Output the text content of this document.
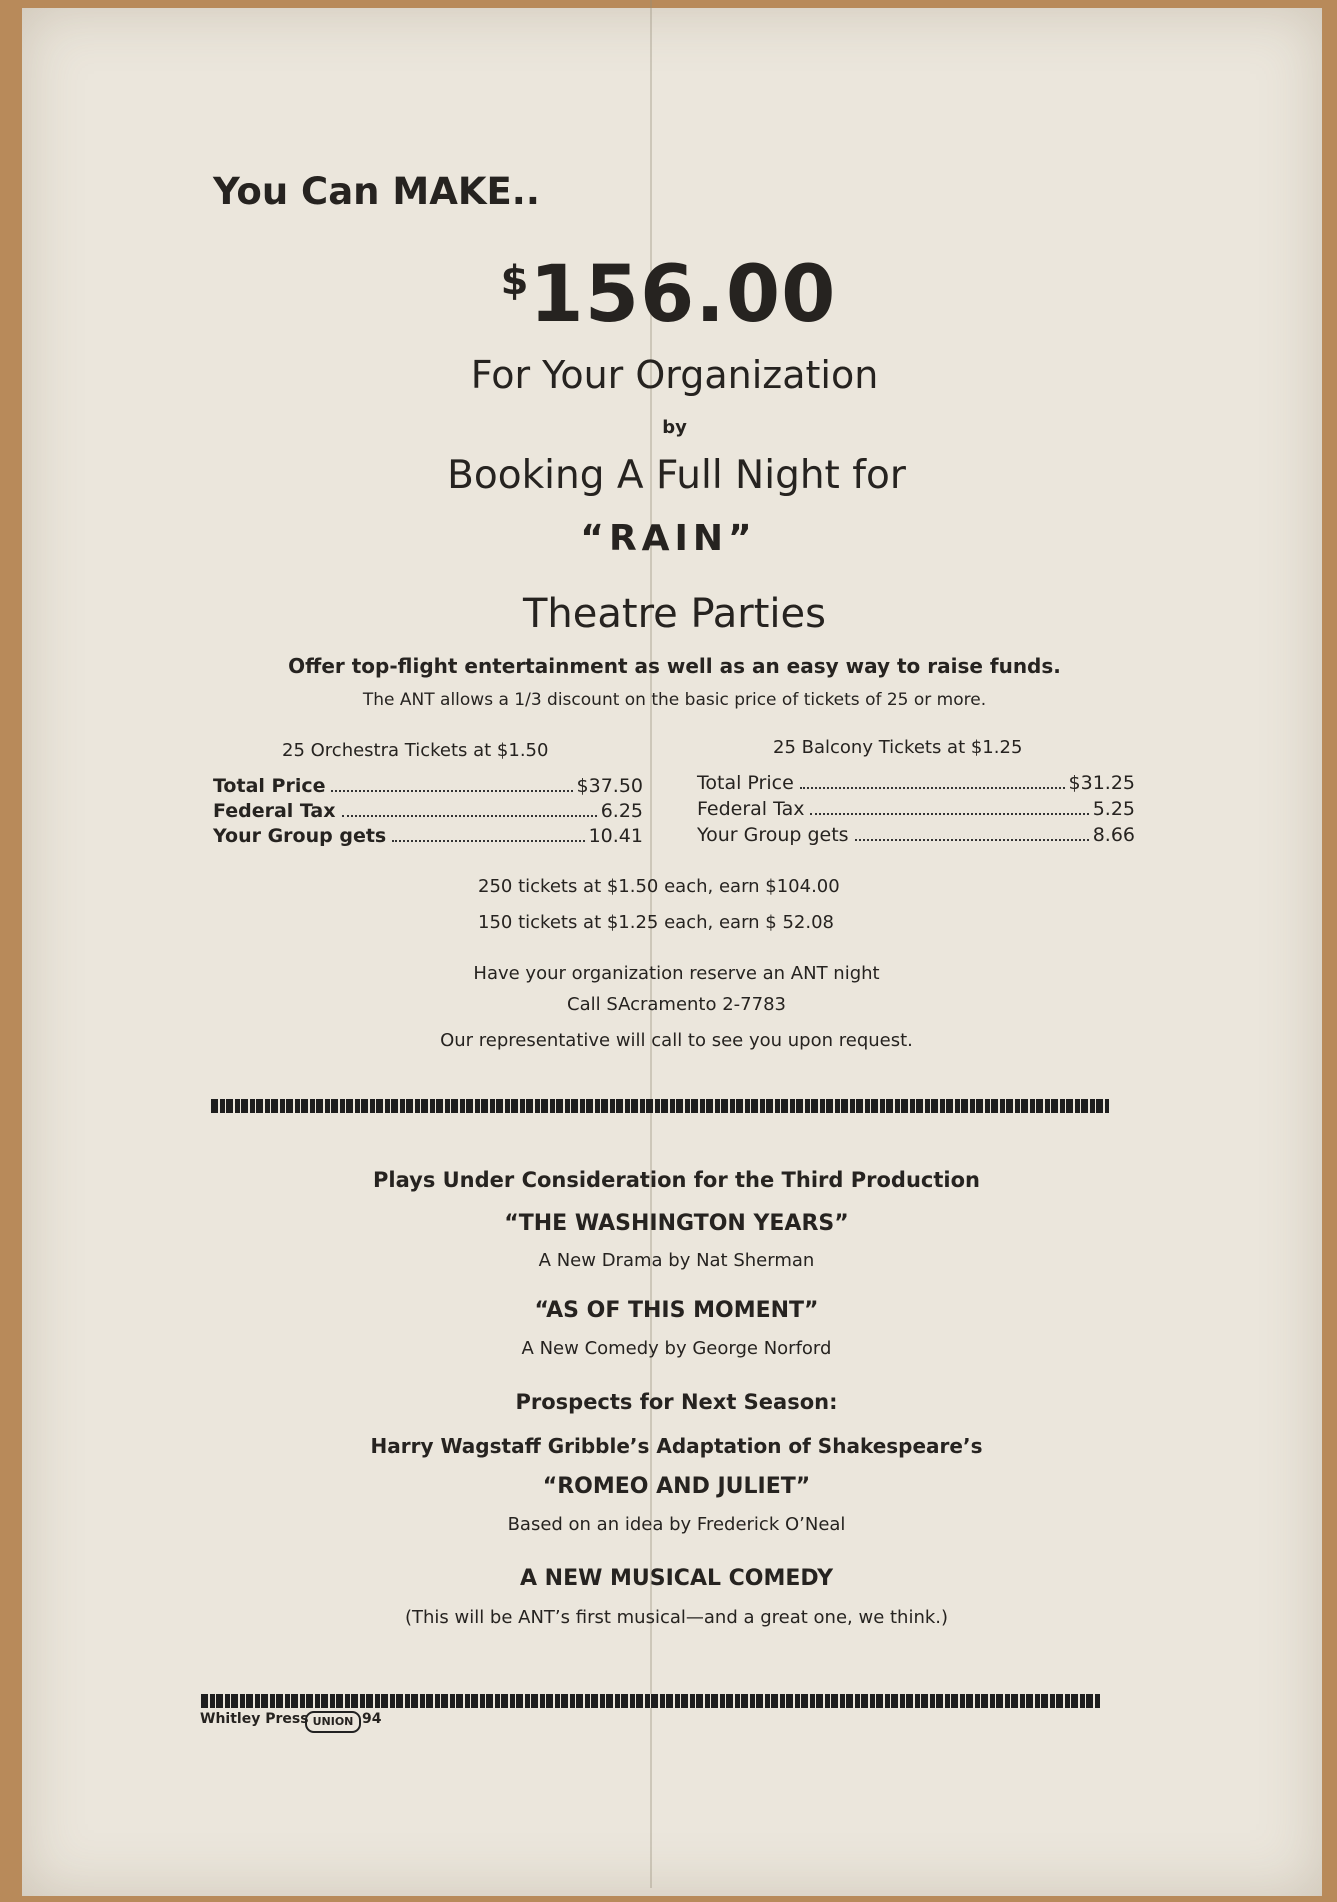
You Can MAKE..
$156.00
For Your Organization
by
Booking A Full Night for
“RAIN”
Theatre Parties
Offer top-flight entertainment as well as an easy way to raise funds.
The ANT allows a 1/3 discount on the basic price of tickets of 25 or more.
25 Orchestra Tickets at $1.50	25 Balcony Tickets at $1.25
Total Price	$37.50
Federal Tax	6.25
Your Group gets	10.41
Total Price	$31.25
Federal Tax	5.25
Your Group gets	8.66
250 tickets at $1.50 each, earn $104.00
150 tickets at $1.25 each, earn $ 52.08
Have your organization reserve an ANT night
Call SAcramento 2-7783
Our representative will call to see you upon request.
Plays Under Consideration for the Third Production
“THE WASHINGTON YEARS”
A New Drama by Nat Sherman
“AS OF THIS MOMENT”
A New Comedy by George Norford
Prospects for Next Season:
Harry Wagstaff Gribble’s Adaptation of Shakespeare’s
“ROMEO AND JULIET”
Based on an idea by Frederick O’Neal
A NEW MUSICAL COMEDY
(This will be ANT’s first musical—and a great one, we think.)
Whitley Press UNION 94
